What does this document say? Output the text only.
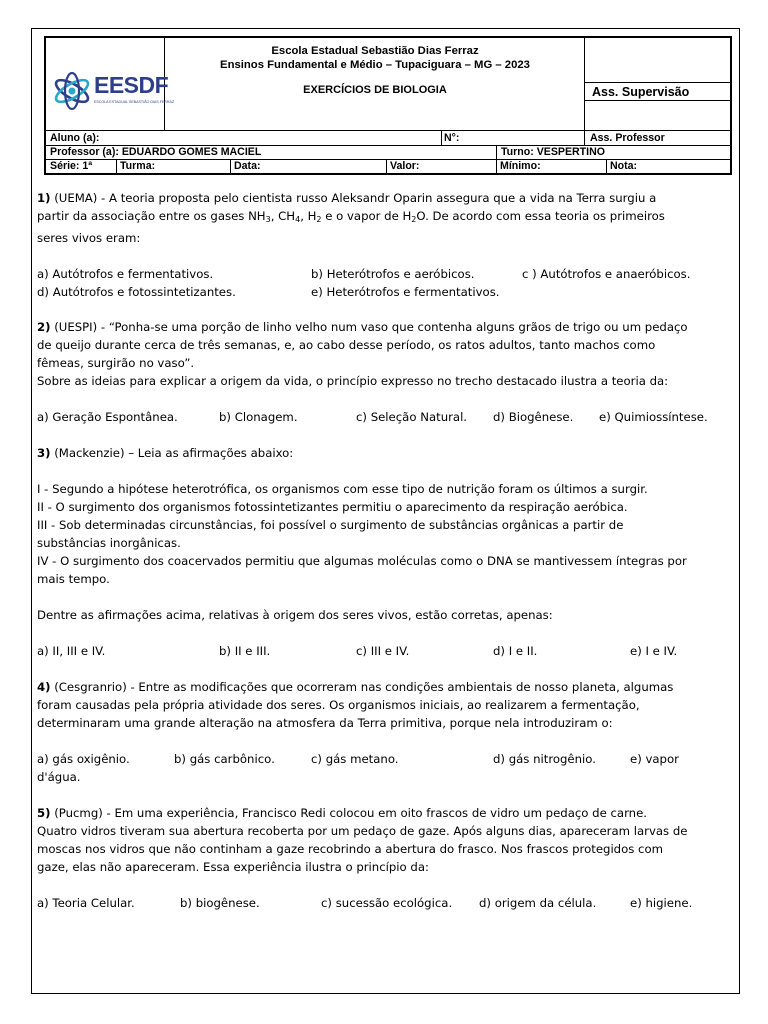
EESDF
ESCOLA ESTADUAL SEBASTIÃO DIAS FERRAZ
Escola Estadual Sebastião Dias Ferraz
Ensinos Fundamental e Médio – Tupaciguara – MG – 2023
EXERCÍCIOS DE BIOLOGIA	Ass. Supervisão
Aluno (a):	N°:	Ass. Professor
Professor (a): EDUARDO GOMES MACIEL	Turno: VESPERTINO
Série: 1ª	Turma:	Data:	Valor:	Mínimo:	Nota:

1) (UEMA) - A teoria proposta pelo cientista russo Aleksandr Oparin assegura que a vida na Terra surgiu a

partir da associação entre os gases $NH_3$, $CH_4$, $H_2$ e o vapor de $H_2O$. De acordo com essa teoria os primeiros

seres vivos eram:

a) Autótrofos e fermentativos.	b) Heterótrofos e aeróbicos.	c ) Autótrofos e anaeróbicos.
d) Autótrofos e fotossintetizantes.	e) Heterótrofos e fermentativos.

2) (UESPI) - “Ponha-se uma porção de linho velho num vaso que contenha alguns grãos de trigo ou um pedaço

de queijo durante cerca de três semanas, e, ao cabo desse período, os ratos adultos, tanto machos como

fêmeas, surgirão no vaso”.

Sobre as ideias para explicar a origem da vida, o princípio expresso no trecho destacado ilustra a teoria da:

a) Geração Espontânea.	b) Clonagem.	c) Seleção Natural. d) Biogênese. e) Quimiossíntese.

3) (Mackenzie) – Leia as afirmações abaixo:

I - Segundo a hipótese heterotrófica, os organismos com esse tipo de nutrição foram os últimos a surgir.

II - O surgimento dos organismos fotossintetizantes permitiu o aparecimento da respiração aeróbica.

III - Sob determinadas circunstâncias, foi possível o surgimento de substâncias orgânicas a partir de

substâncias inorgânicas.

IV - O surgimento dos coacervados permitiu que algumas moléculas como o DNA se mantivessem íntegras por

mais tempo.

Dentre as afirmações acima, relativas à origem dos seres vivos, estão corretas, apenas:

a) II, III e IV.	b) II e III.	c) III e IV.	d) I e II.	e) I e IV.

4) (Cesgranrio) - Entre as modificações que ocorreram nas condições ambientais de nosso planeta, algumas

foram causadas pela própria atividade dos seres. Os organismos iniciais, ao realizarem a fermentação,

determinaram uma grande alteração na atmosfera da Terra primitiva, porque nela introduziram o:

a) gás oxigênio.	b) gás carbônico.	c) gás metano.	d) gás nitrogênio.	e) vapor

d'água.

5) (Pucmg) - Em uma experiência, Francisco Redi colocou em oito frascos de vidro um pedaço de carne.

Quatro vidros tiveram sua abertura recoberta por um pedaço de gaze. Após alguns dias, apareceram larvas de

moscas nos vidros que não continham a gaze recobrindo a abertura do frasco. Nos frascos protegidos com

gaze, elas não apareceram. Essa experiência ilustra o princípio da:

a) Teoria Celular.	b) biogênese.	c) sucessão ecológica. d) origem da célula.	e) higiene.
